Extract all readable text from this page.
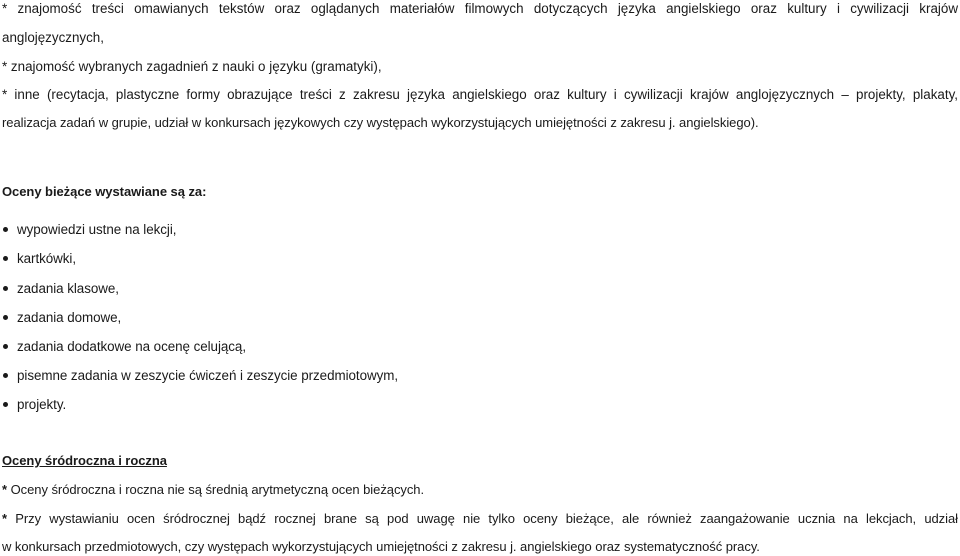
* znajomość treści omawianych tekstów oraz oglądanych materiałów filmowych dotyczących języka angielskiego oraz kultury i cywilizacji krajów
anglojęzycznych,
* znajomość wybranych zagadnień z nauki o języku (gramatyki),
* inne (recytacja, plastyczne formy obrazujące treści z zakresu języka angielskiego oraz kultury i cywilizacji krajów anglojęzycznych – projekty, plakaty,
realizacja zadań w grupie, udział w konkursach językowych czy występach wykorzystujących umiejętności z zakresu j. angielskiego).
Oceny bieżące wystawiane są za:
wypowiedzi ustne na lekcji,
kartkówki,
zadania klasowe,
zadania domowe,
zadania dodatkowe na ocenę celującą,
pisemne zadania w zeszycie ćwiczeń i zeszycie przedmiotowym,
projekty.
Oceny śródroczna i roczna
* Oceny śródroczna i roczna nie są średnią arytmetyczną ocen bieżących.
* Przy wystawianiu ocen śródrocznej bądź rocznej brane są pod uwagę nie tylko oceny bieżące, ale również zaangażowanie ucznia na lekcjach, udział
w konkursach przedmiotowych, czy występach wykorzystujących umiejętności z zakresu j. angielskiego oraz systematyczność pracy.
